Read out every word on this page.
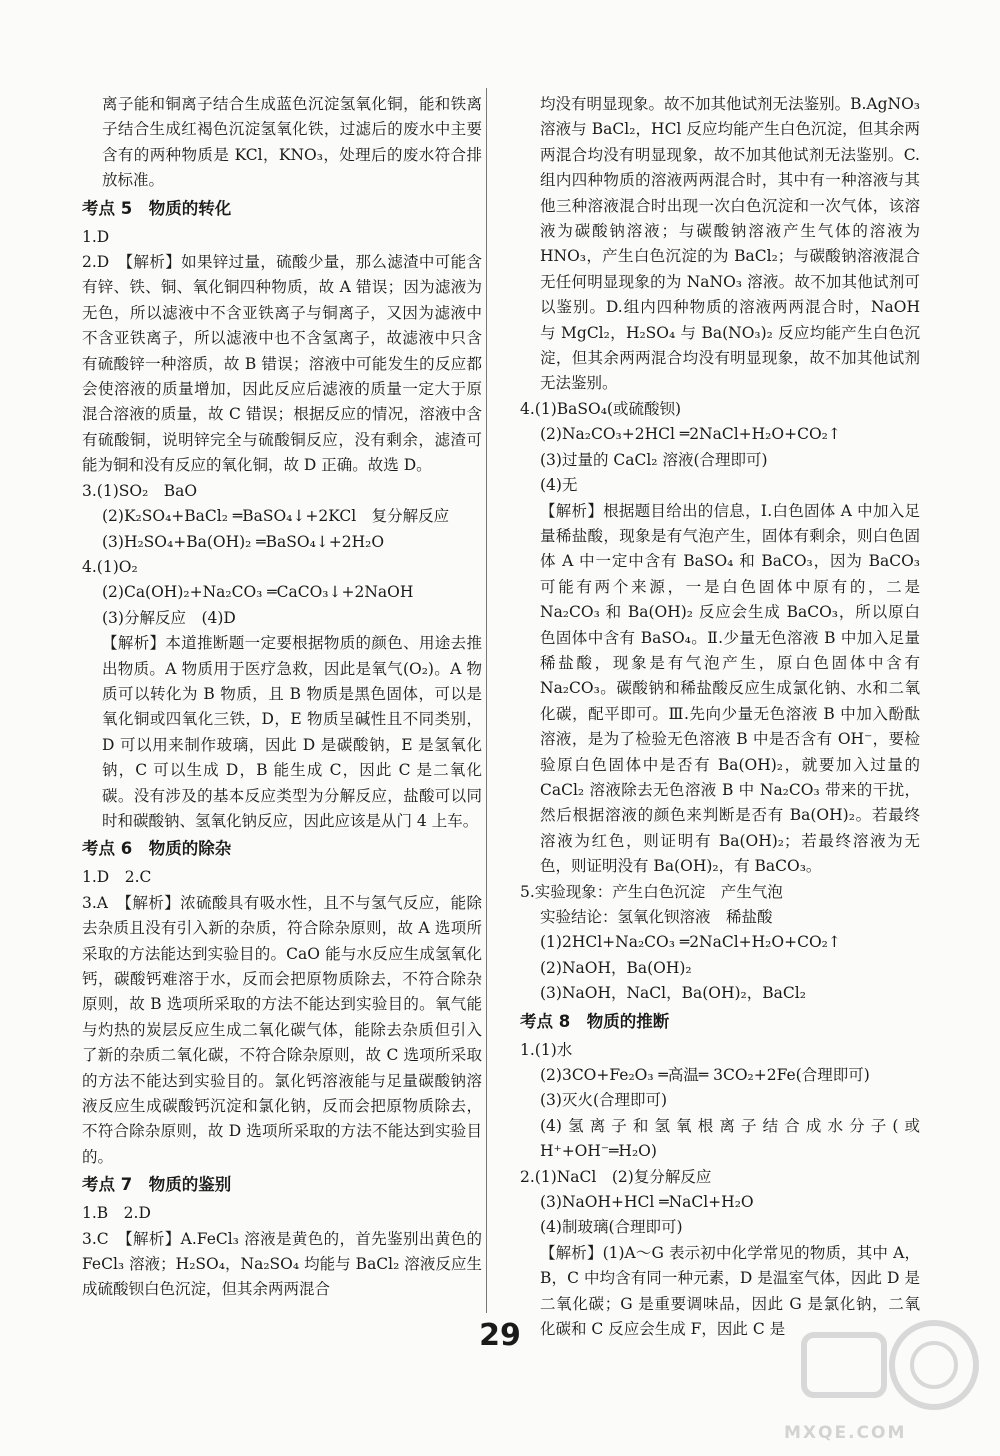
离子能和铜离子结合生成蓝色沉淀氢氧化铜，能和铁离子结合生成红褐色沉淀氢氧化铁，过滤后的废水中主要含有的两种物质是 KCl，KNO₃，处理后的废水符合排放标准。
考点 5　物质的转化
1.D
2.D　【解析】如果锌过量，硫酸少量，那么滤渣中可能含有锌、铁、铜、氧化铜四种物质，故 A 错误；因为滤液为无色，所以滤液中不含亚铁离子与铜离子，又因为滤液中不含亚铁离子，所以滤液中也不含氢离子，故滤液中只含有硫酸锌一种溶质，故 B 错误；溶液中可能发生的反应都会使溶液的质量增加，因此反应后滤液的质量一定大于原混合溶液的质量，故 C 错误；根据反应的情况，溶液中含有硫酸铜，说明锌完全与硫酸铜反应，没有剩余，滤渣可能为铜和没有反应的氧化铜，故 D 正确。故选 D。
3.(1)SO₂　BaO
(2)K₂SO₄+BaCl₂ ═BaSO₄↓+2KCl　复分解反应
(3)H₂SO₄+Ba(OH)₂ ═BaSO₄↓+2H₂O
4.(1)O₂
(2)Ca(OH)₂+Na₂CO₃ ═CaCO₃↓+2NaOH
(3)分解反应　(4)D
【解析】本道推断题一定要根据物质的颜色、用途去推出物质。A 物质用于医疗急救，因此是氧气(O₂)。A 物质可以转化为 B 物质，且 B 物质是黑色固体，可以是氧化铜或四氧化三铁，D，E 物质呈碱性且不同类别，D 可以用来制作玻璃，因此 D 是碳酸钠，E 是氢氧化钠，C 可以生成 D，B 能生成 C，因此 C 是二氧化碳。没有涉及的基本反应类型为分解反应，盐酸可以同时和碳酸钠、氢氧化钠反应，因此应该是从门 4 上车。
考点 6　物质的除杂
1.D　2.C
3.A　【解析】浓硫酸具有吸水性，且不与氢气反应，能除去杂质且没有引入新的杂质，符合除杂原则，故 A 选项所采取的方法能达到实验目的。CaO 能与水反应生成氢氧化钙，碳酸钙难溶于水，反而会把原物质除去，不符合除杂原则，故 B 选项所采取的方法不能达到实验目的。氧气能与灼热的炭层反应生成二氧化碳气体，能除去杂质但引入了新的杂质二氧化碳，不符合除杂原则，故 C 选项所采取的方法不能达到实验目的。氯化钙溶液能与足量碳酸钠溶液反应生成碳酸钙沉淀和氯化钠，反而会把原物质除去，不符合除杂原则，故 D 选项所采取的方法不能达到实验目的。
考点 7　物质的鉴别
1.B　2.D
3.C　【解析】A.FeCl₃ 溶液是黄色的，首先鉴别出黄色的 FeCl₃ 溶液；H₂SO₄，Na₂SO₄ 均能与 BaCl₂ 溶液反应生成硫酸钡白色沉淀，但其余两两混合
均没有明显现象。故不加其他试剂无法鉴别。B.AgNO₃溶液与 BaCl₂，HCl 反应均能产生白色沉淀，但其余两两混合均没有明显现象，故不加其他试剂无法鉴别。C.组内四种物质的溶液两两混合时，其中有一种溶液与其他三种溶液混合时出现一次白色沉淀和一次气体，该溶液为碳酸钠溶液；与碳酸钠溶液产生气体的溶液为 HNO₃，产生白色沉淀的为 BaCl₂；与碳酸钠溶液混合无任何明显现象的为 NaNO₃ 溶液。故不加其他试剂可以鉴别。D.组内四种物质的溶液两两混合时，NaOH 与 MgCl₂，H₂SO₄ 与 Ba(NO₃)₂ 反应均能产生白色沉淀，但其余两两混合均没有明显现象，故不加其他试剂无法鉴别。
4.(1)BaSO₄(或硫酸钡)
(2)Na₂CO₃+2HCl ═2NaCl+H₂O+CO₂↑
(3)过量的 CaCl₂ 溶液(合理即可)
(4)无
【解析】根据题目给出的信息，Ⅰ.白色固体 A 中加入足量稀盐酸，现象是有气泡产生，固体有剩余，则白色固体 A 中一定中含有 BaSO₄ 和 BaCO₃，因为 BaCO₃ 可能有两个来源，一是白色固体中原有的，二是 Na₂CO₃ 和 Ba(OH)₂ 反应会生成 BaCO₃，所以原白色固体中含有 BaSO₄。Ⅱ.少量无色溶液 B 中加入足量稀盐酸，现象是有气泡产生，原白色固体中含有 Na₂CO₃。碳酸钠和稀盐酸反应生成氯化钠、水和二氧化碳，配平即可。Ⅲ.先向少量无色溶液 B 中加入酚酞溶液，是为了检验无色溶液 B 中是否含有 OH⁻，要检验原白色固体中是否有 Ba(OH)₂，就要加入过量的 CaCl₂ 溶液除去无色溶液 B 中 Na₂CO₃ 带来的干扰，然后根据溶液的颜色来判断是否有 Ba(OH)₂。若最终溶液为红色，则证明有 Ba(OH)₂；若最终溶液为无色，则证明没有 Ba(OH)₂，有 BaCO₃。
5.实验现象：产生白色沉淀　产生气泡
实验结论：氢氧化钡溶液　稀盐酸
(1)2HCl+Na₂CO₃ ═2NaCl+H₂O+CO₂↑
(2)NaOH，Ba(OH)₂
(3)NaOH，NaCl，Ba(OH)₂，BaCl₂
考点 8　物质的推断
1.(1)水
(2)3CO+Fe₂O₃ ═高温═ 3CO₂+2Fe(合理即可)
(3)灭火(合理即可)
(4)氢离子和氢氧根离子结合成水分子(或 H⁺+OH⁻═H₂O)
2.(1)NaCl　(2)复分解反应
(3)NaOH+HCl ═NaCl+H₂O
(4)制玻璃(合理即可)
【解析】(1)A～G 表示初中化学常见的物质，其中 A，B，C 中均含有同一种元素，D 是温室气体，因此 D 是二氧化碳；G 是重要调味品，因此 G 是氯化钠，二氧化碳和 C 反应会生成 F，因此 C 是
29
MXQE.COM
